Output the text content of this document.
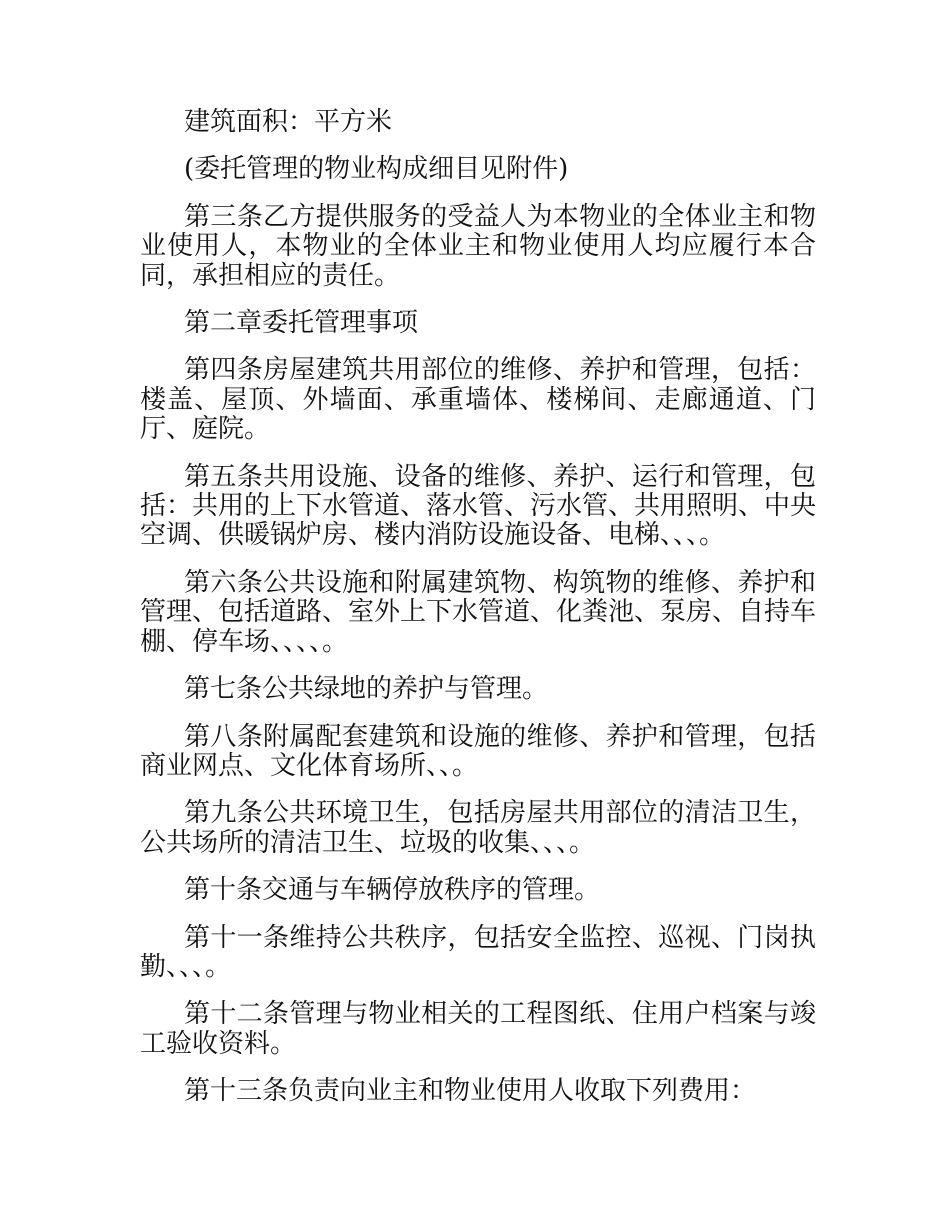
建筑面积：平方米

(委托管理的物业构成细目见附件)

第三条乙方提供服务的受益人为本物业的全体业主和物业使用人，本物业的全体业主和物业使用人均应履行本合同，承担相应的责任。

第二章委托管理事项

第四条房屋建筑共用部位的维修、养护和管理，包括：楼盖、屋顶、外墙面、承重墙体、楼梯间、走廊通道、门厅、庭院。

第五条共用设施、设备的维修、养护、运行和管理，包括：共用的上下水管道、落水管、污水管、共用照明、中央空调、供暖锅炉房、楼内消防设施设备、电梯、、、。

第六条公共设施和附属建筑物、构筑物的维修、养护和管理、包括道路、室外上下水管道、化粪池、泵房、自持车棚、停车场、、、、。

第七条公共绿地的养护与管理。

第八条附属配套建筑和设施的维修、养护和管理，包括商业网点、文化体育场所、、。

第九条公共环境卫生，包括房屋共用部位的清洁卫生，公共场所的清洁卫生、垃圾的收集、、、。

第十条交通与车辆停放秩序的管理。

第十一条维持公共秩序，包括安全监控、巡视、门岗执勤、、、。

第十二条管理与物业相关的工程图纸、住用户档案与竣工验收资料。

第十三条负责向业主和物业使用人收取下列费用：
